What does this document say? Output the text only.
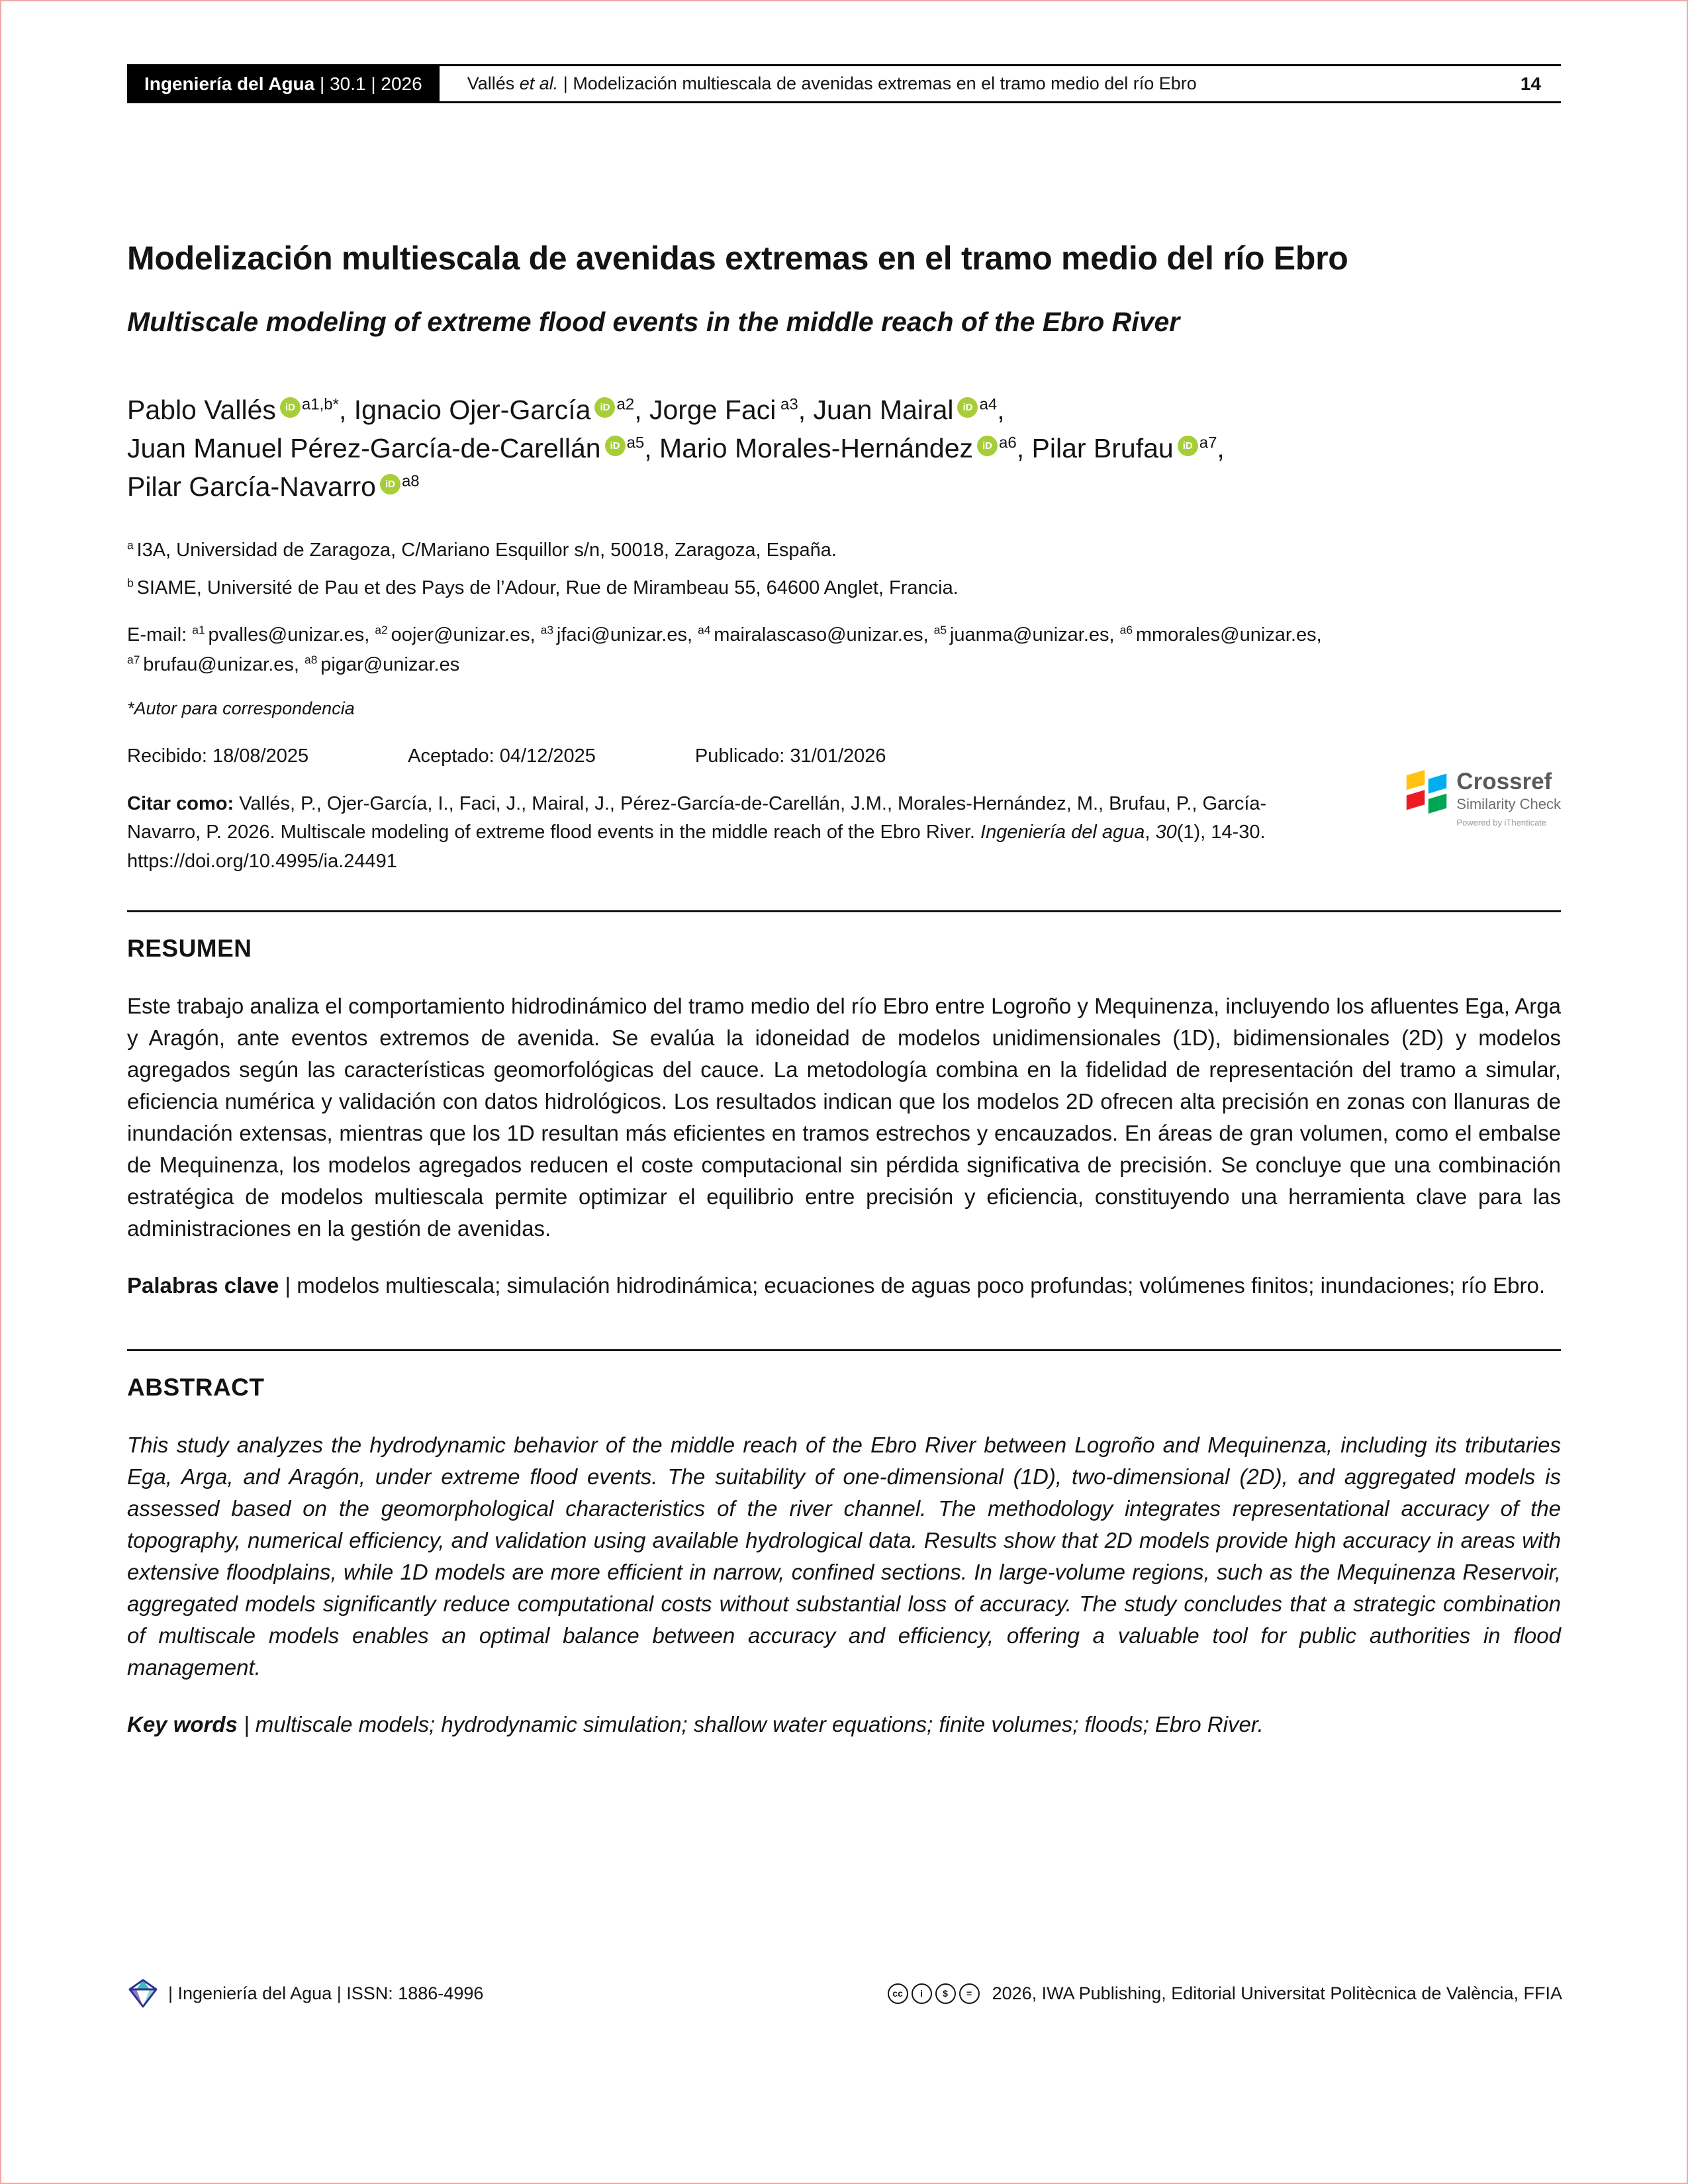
Ingeniería del Agua | 30.1 | 2026	Vallés et al. | Modelización multiescala de avenidas extremas en el tramo medio del río Ebro	14
Modelización multiescala de avenidas extremas en el tramo medio del río Ebro
Multiscale modeling of extreme flood events in the middle reach of the Ebro River

Pablo Vallés iD $^{a1,b*}$, Ignacio Ojer-García iD $^{a2}$, Jorge Faci $^{a3}$, Juan Mairal iD $^{a4}$,
Juan Manuel Pérez-García-de-Carellán iD $^{a5}$, Mario Morales-Hernández iD $^{a6}$, Pilar Brufau iD $^{a7}$,
Pilar García-Navarro iD $^{a8}$

$^a$ I3A, Universidad de Zaragoza, C/Mariano Esquillor s/n, 50018, Zaragoza, España.

$^b$ SIAME, Université de Pau et des Pays de l’Adour, Rue de Mirambeau 55, 64600 Anglet, Francia.

E-mail: $^{a1}$ pvalles@unizar.es, $^{a2}$ oojer@unizar.es, $^{a3}$ jfaci@unizar.es, $^{a4}$ mairalascaso@unizar.es, $^{a5}$ juanma@unizar.es, $^{a6}$ mmorales@unizar.es,
$^{a7}$ brufau@unizar.es, $^{a8}$ pigar@unizar.es

*Autor para correspondencia

Recibido: 18/08/2025	Aceptado: 04/12/2025	Publicado: 31/01/2026

Citar como: Vallés, P., Ojer-García, I., Faci, J., Mairal, J., Pérez-García-de-Carellán, J.M., Morales-Hernández, M., Brufau, P., García-Navarro, P. 2026. Multiscale modeling of extreme flood events in the middle reach of the Ebro River. Ingeniería del agua, 30(1), 14-30. https://doi.org/10.4995/ia.24491

Crossref
Similarity Check
Powered by iThenticate
RESUMEN

Este trabajo analiza el comportamiento hidrodinámico del tramo medio del río Ebro entre Logroño y Mequinenza, incluyendo los afluentes Ega, Arga y Aragón, ante eventos extremos de avenida. Se evalúa la idoneidad de modelos unidimensionales (1D), bidimensionales (2D) y modelos agregados según las características geomorfológicas del cauce. La metodología combina en la fidelidad de representación del tramo a simular, eficiencia numérica y validación con datos hidrológicos. Los resultados indican que los modelos 2D ofrecen alta precisión en zonas con llanuras de inundación extensas, mientras que los 1D resultan más eficientes en tramos estrechos y encauzados. En áreas de gran volumen, como el embalse de Mequinenza, los modelos agregados reducen el coste computacional sin pérdida significativa de precisión. Se concluye que una combinación estratégica de modelos multiescala permite optimizar el equilibrio entre precisión y eficiencia, constituyendo una herramienta clave para las administraciones en la gestión de avenidas.

Palabras clave | modelos multiescala; simulación hidrodinámica; ecuaciones de aguas poco profundas; volúmenes finitos; inundaciones; río Ebro.

ABSTRACT

This study analyzes the hydrodynamic behavior of the middle reach of the Ebro River between Logroño and Mequinenza, including its tributaries Ega, Arga, and Aragón, under extreme flood events. The suitability of one-dimensional (1D), two-dimensional (2D), and aggregated models is assessed based on the geomorphological characteristics of the river channel. The methodology integrates representational accuracy of the topography, numerical efficiency, and validation using available hydrological data. Results show that 2D models provide high accuracy in areas with extensive floodplains, while 1D models are more efficient in narrow, confined sections. In large-volume regions, such as the Mequinenza Reservoir, aggregated models significantly reduce computational costs without substantial loss of accuracy. The study concludes that a strategic combination of multiscale models enables an optimal balance between accuracy and efficiency, offering a valuable tool for public authorities in flood management.

Key words | multiscale models; hydrodynamic simulation; shallow water equations; finite volumes; floods; Ebro River.

| Ingeniería del Agua | ISSN: 1886-4996	cc	i	$	=	2026, IWA Publishing, Editorial Universitat Politècnica de València, FFIA
